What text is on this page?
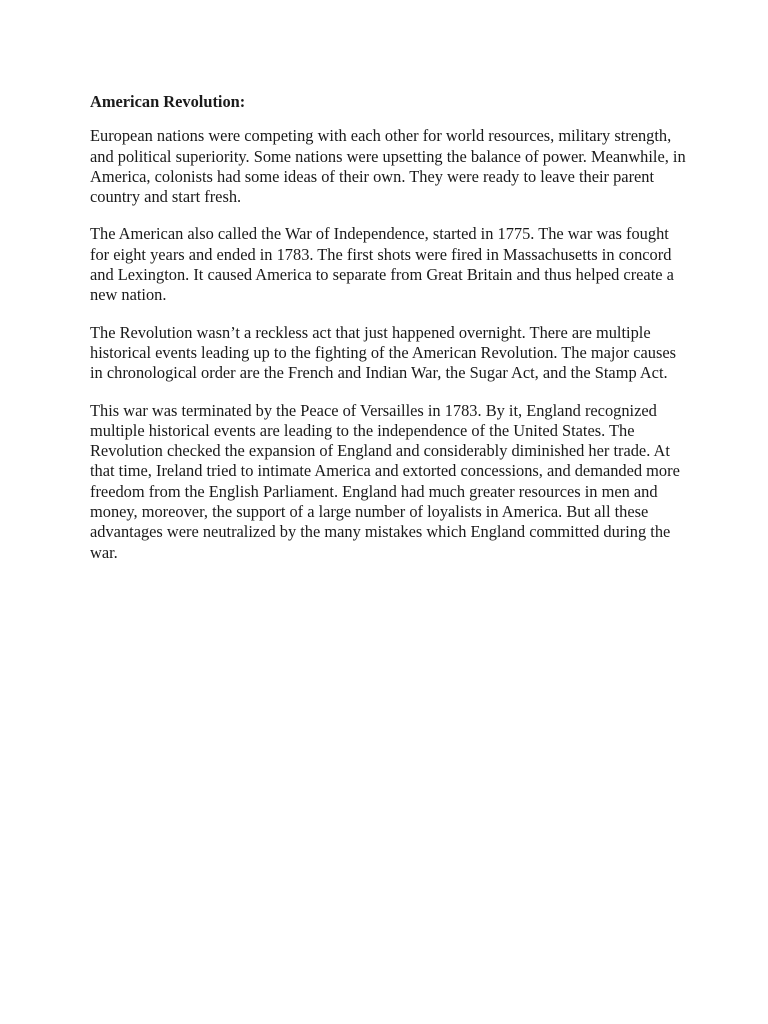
American Revolution:

European nations were competing with each other for world resources, military strength, and political superiority. Some nations were upsetting the balance of power. Meanwhile, in America, colonists had some ideas of their own. They were ready to leave their parent country and start fresh.

The American also called the War of Independence, started in 1775. The war was fought for eight years and ended in 1783. The first shots were fired in Massachusetts in concord and Lexington. It caused America to separate from Great Britain and thus helped create a new nation.

The Revolution wasn’t a reckless act that just happened overnight. There are multiple historical events leading up to the fighting of the American Revolution. The major causes in chronological order are the French and Indian War, the Sugar Act, and the Stamp Act.

This war was terminated by the Peace of Versailles in 1783. By it, England recognized multiple historical events are leading to the independence of the United States. The Revolution checked the expansion of England and considerably diminished her trade. At that time, Ireland tried to intimate America and extorted concessions, and demanded more freedom from the English Parliament. England had much greater resources in men and money, moreover, the support of a large number of loyalists in America. But all these advantages were neutralized by the many mistakes which England committed during the war.
